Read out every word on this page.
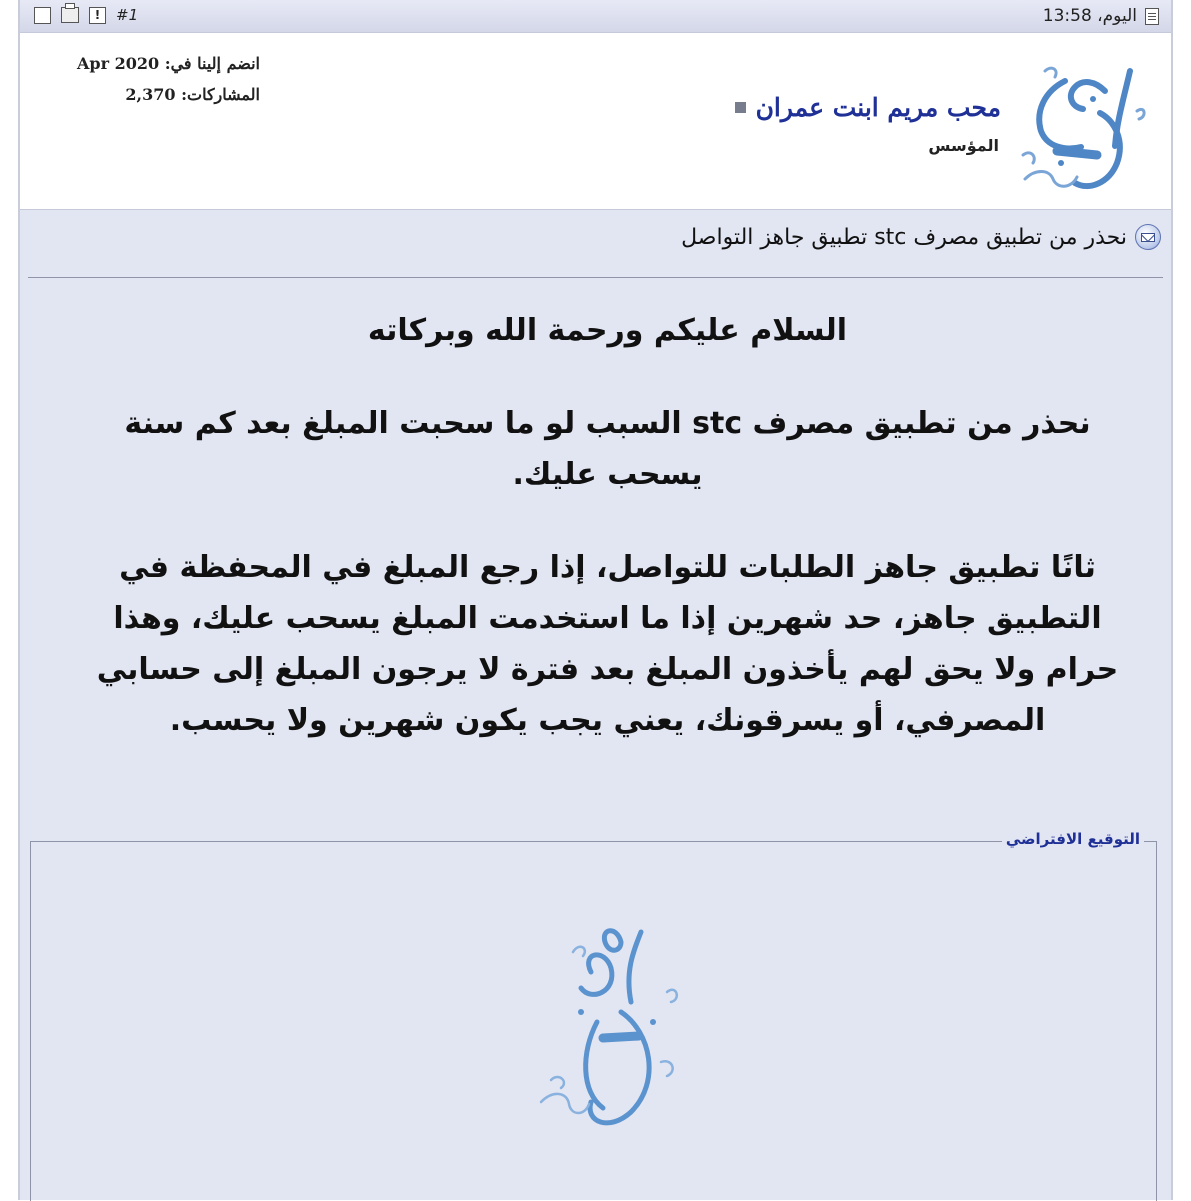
!	#1	اليوم، 13:58
محب مريم ابنت عمران
المؤسس
انضم إلينا في: Apr 2020
المشاركات: 2,370
نحذر من تطبيق مصرف stc تطبيق جاهز التواصل

السلام عليكم ورحمة الله وبركاته

نحذر من تطبيق مصرف stc السبب لو ما سحبت المبلغ بعد كم سنة يسحب عليك.

ثانًا تطبيق جاهز الطلبات للتواصل، إذا رجع المبلغ في المحفظة في التطبيق جاهز، حد شهرين إذا ما استخدمت المبلغ يسحب عليك، وهذا حرام ولا يحق لهم يأخذون المبلغ بعد فترة لا يرجون المبلغ إلى حسابي المصرفي، أو يسرقونك، يعني يجب يكون شهرين ولا يحسب.

التوقيع الافتراضي
